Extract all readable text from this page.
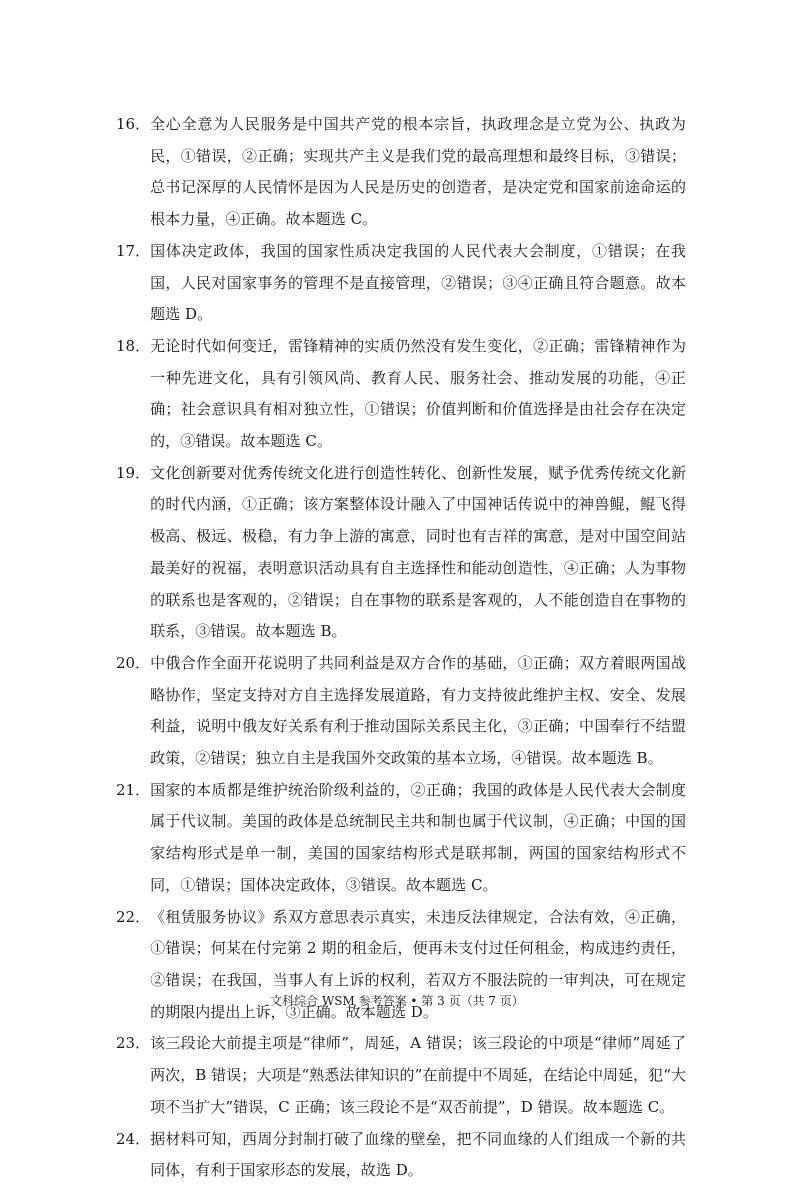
16． 全心全意为人民服务是中国共产党的根本宗旨，执政理念是立党为公、执政为民，①错误，②正确；实现共产主义是我们党的最高理想和最终目标，③错误；总书记深厚的人民情怀是因为人民是历史的创造者，是决定党和国家前途命运的根本力量，④正确。故本题选 C。
17． 国体决定政体，我国的国家性质决定我国的人民代表大会制度，①错误；在我国，人民对国家事务的管理不是直接管理，②错误；③④正确且符合题意。故本题选 D。
18． 无论时代如何变迁，雷锋精神的实质仍然没有发生变化，②正确；雷锋精神作为一种先进文化，具有引领风尚、教育人民、服务社会、推动发展的功能，④正确；社会意识具有相对独立性，①错误；价值判断和价值选择是由社会存在决定的，③错误。故本题选 C。
19． 文化创新要对优秀传统文化进行创造性转化、创新性发展，赋予优秀传统文化新的时代内涵，①正确；该方案整体设计融入了中国神话传说中的神兽鲲，鲲飞得极高、极远、极稳，有力争上游的寓意，同时也有吉祥的寓意，是对中国空间站最美好的祝福，表明意识活动具有自主选择性和能动创造性，④正确；人为事物的联系也是客观的，②错误；自在事物的联系是客观的，人不能创造自在事物的联系，③错误。故本题选 B。
20． 中俄合作全面开花说明了共同利益是双方合作的基础，①正确；双方着眼两国战略协作，坚定支持对方自主选择发展道路，有力支持彼此维护主权、安全、发展利益，说明中俄友好关系有利于推动国际关系民主化，③正确；中国奉行不结盟政策，②错误；独立自主是我国外交政策的基本立场，④错误。故本题选 B。
21． 国家的本质都是维护统治阶级利益的，②正确；我国的政体是人民代表大会制度属于代议制。美国的政体是总统制民主共和制也属于代议制，④正确；中国的国家结构形式是单一制，美国的国家结构形式是联邦制，两国的国家结构形式不同，①错误；国体决定政体，③错误。故本题选 C。
22． 《租赁服务协议》系双方意思表示真实，未违反法律规定，合法有效，④正确，①错误；何某在付完第 2 期的租金后，便再未支付过任何租金，构成违约责任，②错误；在我国，当事人有上诉的权利，若双方不服法院的一审判决，可在规定的期限内提出上诉，③正确。故本题选 D。
23． 该三段论大前提主项是“律师”，周延，A 错误；该三段论的中项是“律师”周延了两次，B 错误；大项是“熟悉法律知识的”在前提中不周延，在结论中周延，犯“大项不当扩大”错误，C 正确；该三段论不是“双否前提”，D 错误。故本题选 C。
24． 据材料可知，西周分封制打破了血缘的壁垒，把不同血缘的人们组成一个新的共同体，有利于国家形态的发展，故选 D。
文科综合 WSM 参考答案 • 第 3 页（共 7 页）
